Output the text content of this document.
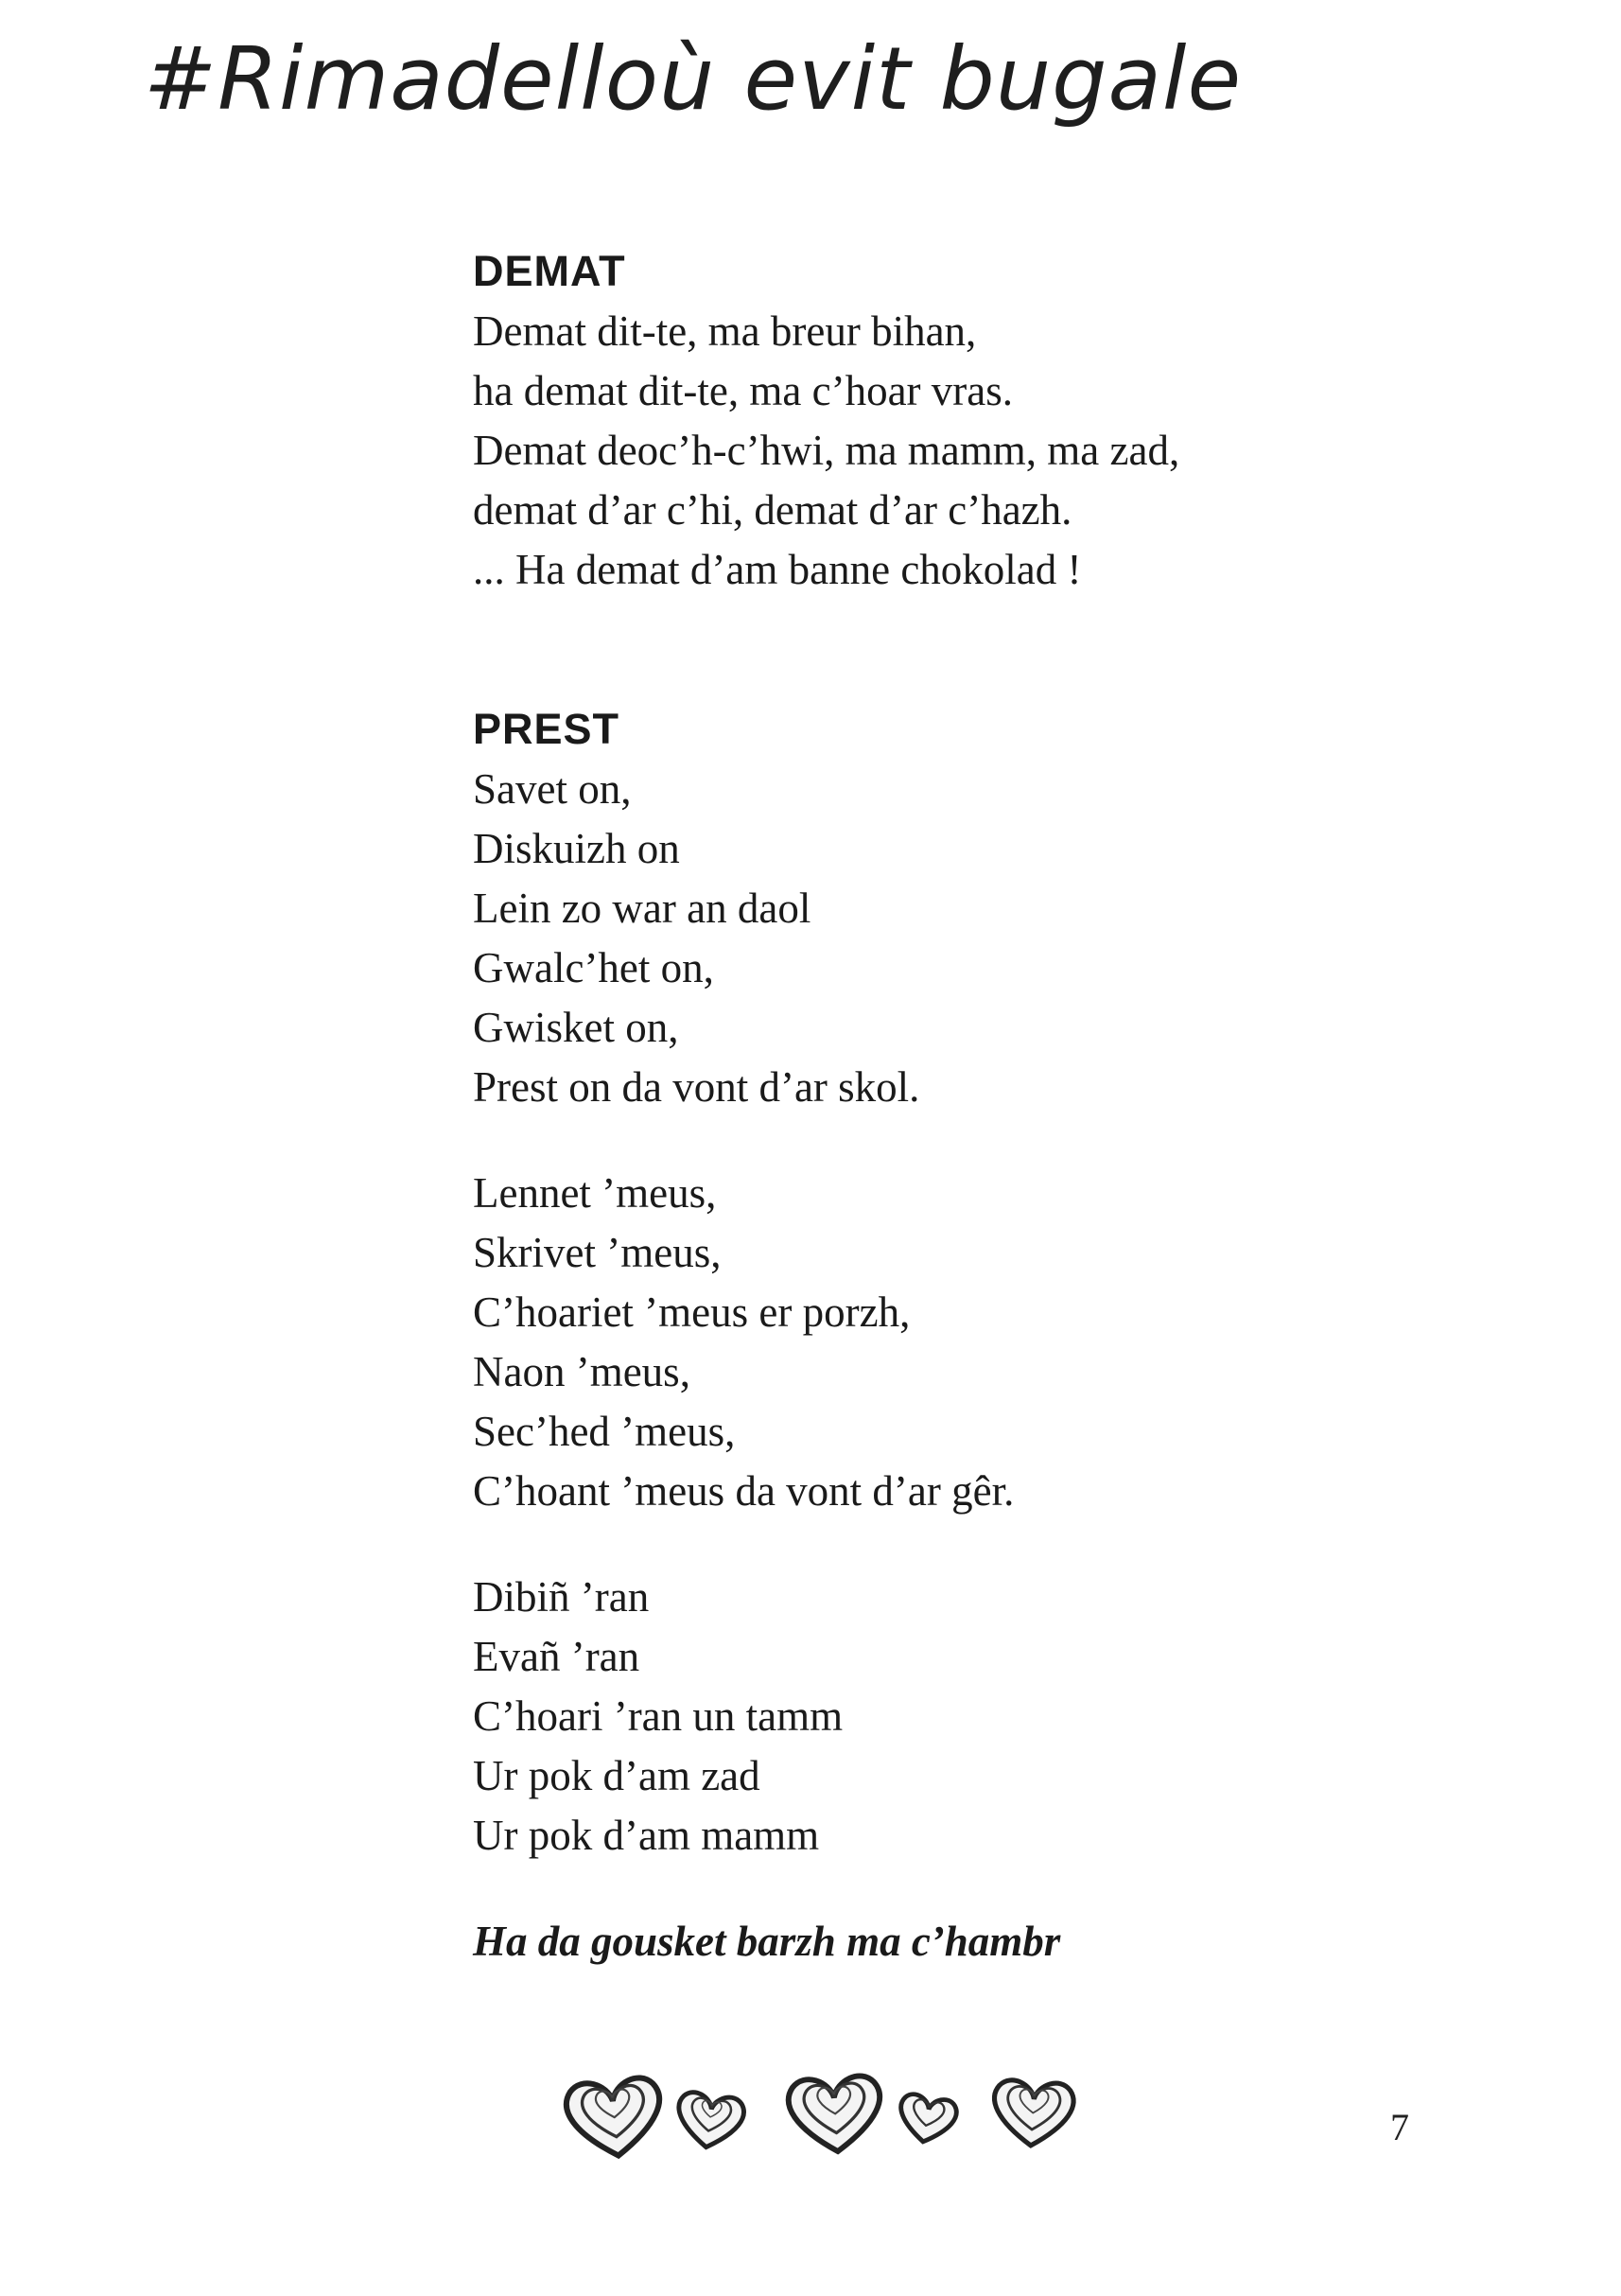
#Rimadelloù evit bugale
DEMAT
Demat dit-te, ma breur bihan,
ha demat dit-te, ma c’hoar vras.
Demat deoc’h-c’hwi, ma mamm, ma zad,
demat d’ar c’hi, demat d’ar c’hazh.
... Ha demat d’am banne chokolad !
PREST
Savet on,
Diskuizh on
Lein zo war an daol
Gwalc’het on,
Gwisket on,
Prest on da vont d’ar skol.
Lennet ’meus,
Skrivet ’meus,
C’hoariet ’meus er porzh,
Naon ’meus,
Sec’hed ’meus,
C’hoant ’meus da vont d’ar gêr.
Dibiñ ’ran
Evañ ’ran
C’hoari ’ran un tamm
Ur pok d’am zad
Ur pok d’am mamm
Ha da gousket barzh ma c’hambr
7
